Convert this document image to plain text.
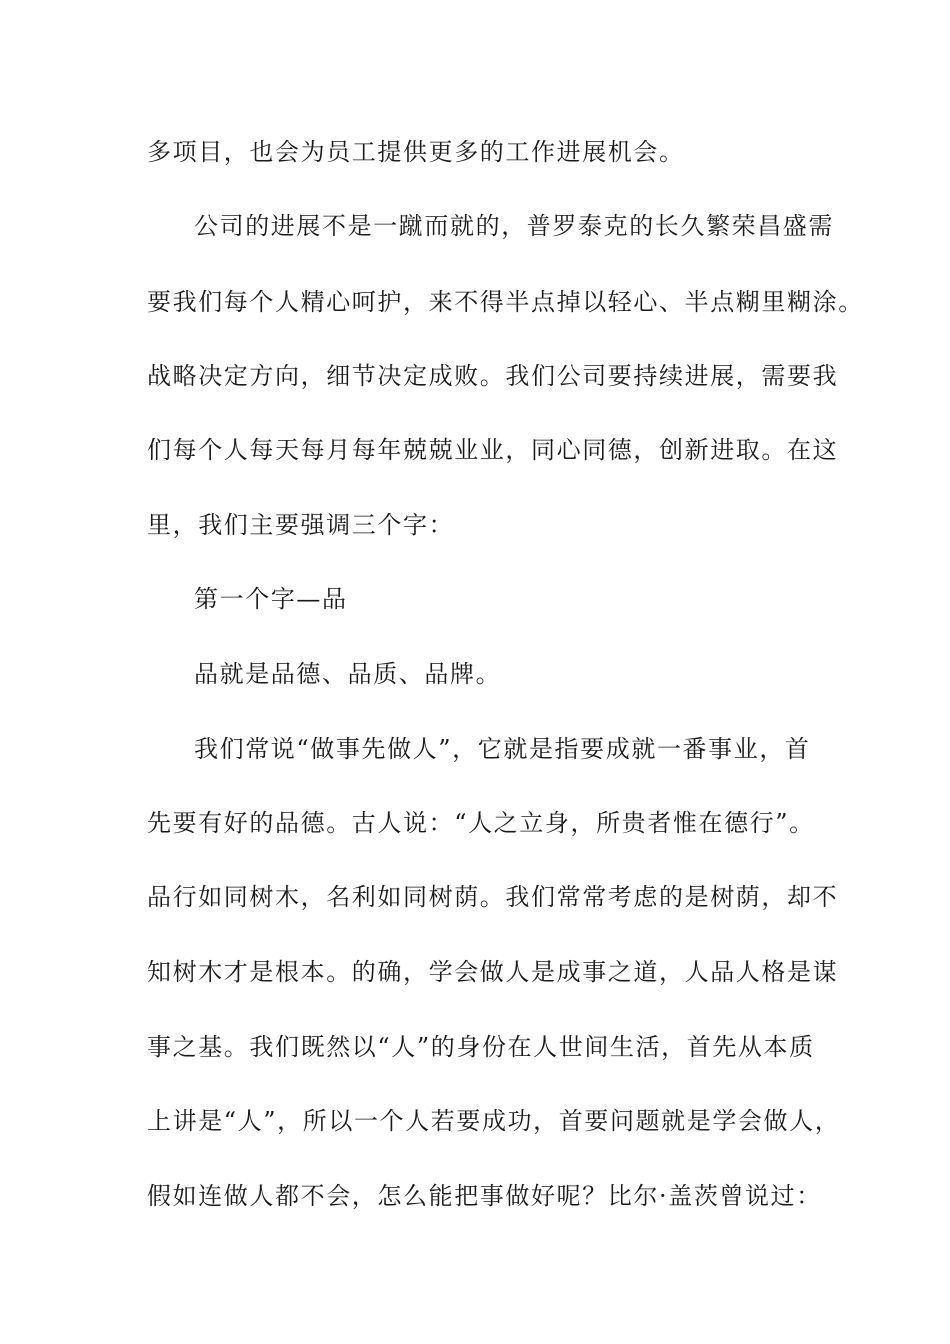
多项目，也会为员工提供更多的工作进展机会。
公司的进展不是一蹴而就的，普罗泰克的长久繁荣昌盛需
要我们每个人精心呵护，来不得半点掉以轻心、半点糊里糊涂。
战略决定方向，细节决定成败。我们公司要持续进展，需要我
们每个人每天每月每年兢兢业业，同心同德，创新进取。在这
里，我们主要强调三个字：
第一个字—品
品就是品德、品质、品牌。
我们常说“做事先做人”，它就是指要成就一番事业，首
先要有好的品德。古人说：“人之立身，所贵者惟在德行”。
品行如同树木，名利如同树荫。我们常常考虑的是树荫，却不
知树木才是根本。的确，学会做人是成事之道，人品人格是谋
事之基。我们既然以“人”的身份在人世间生活，首先从本质
上讲是“人”，所以一个人若要成功，首要问题就是学会做人，
假如连做人都不会，怎么能把事做好呢？比尔·盖茨曾说过：
